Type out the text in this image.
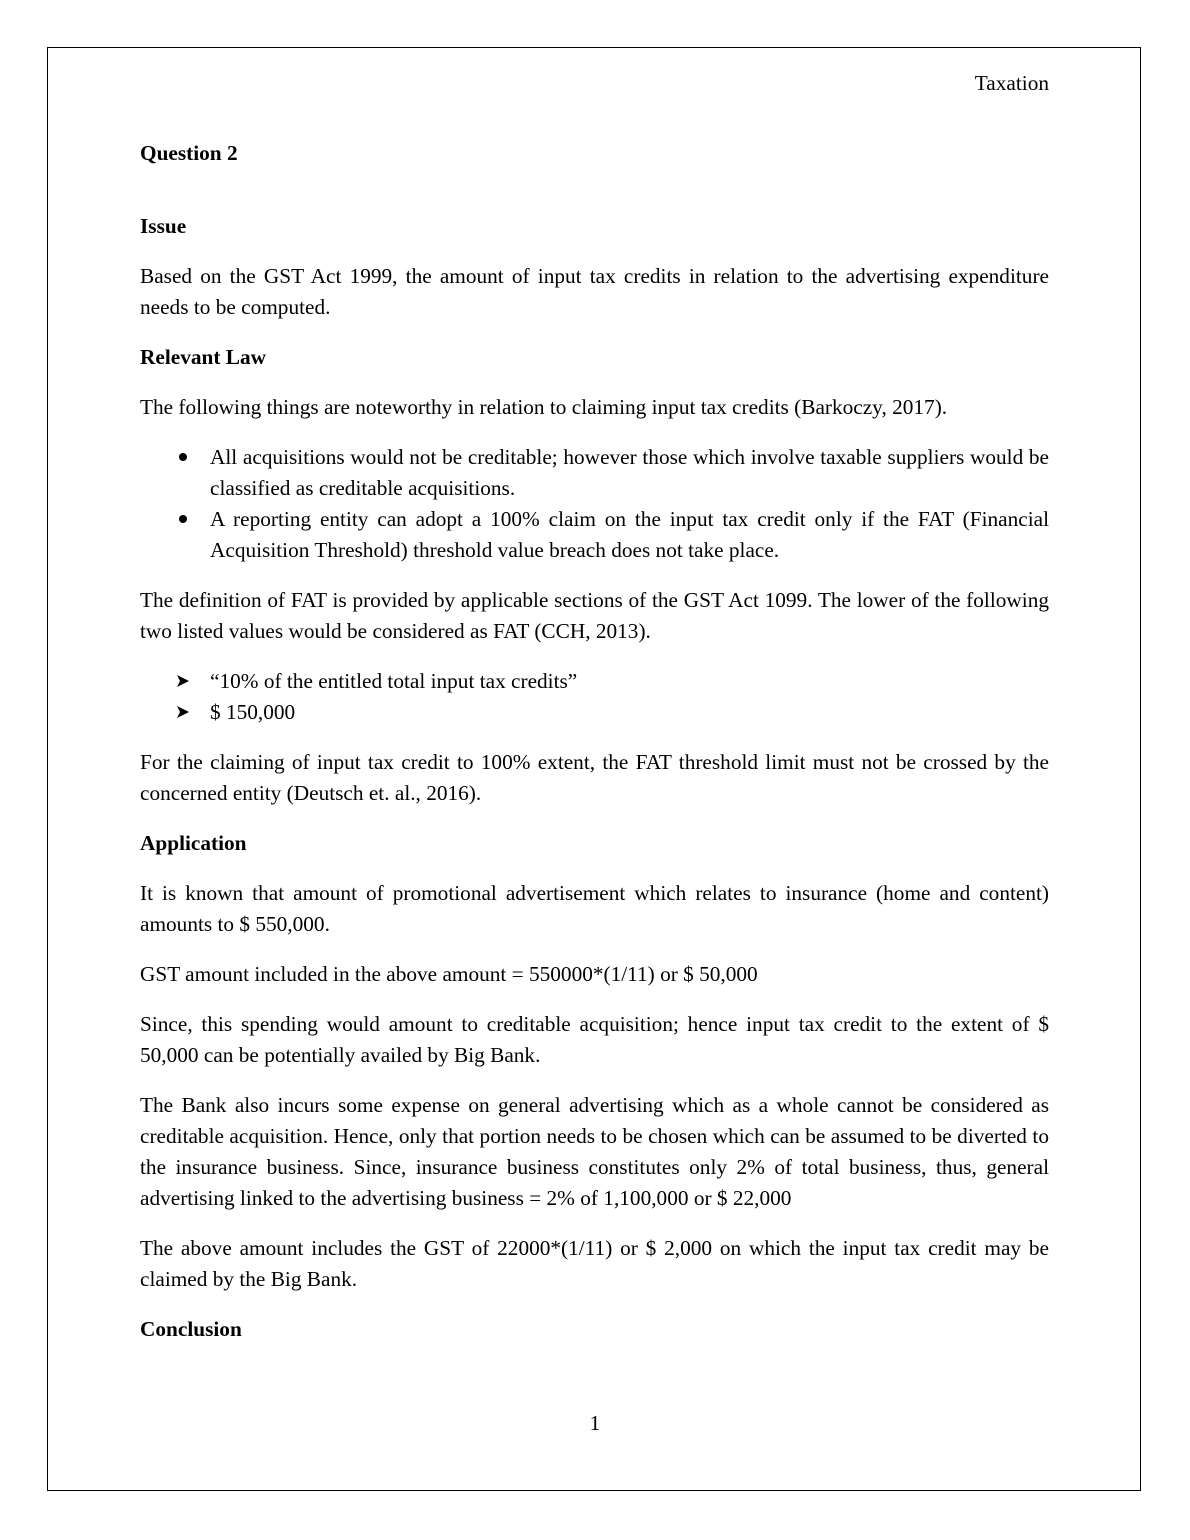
Taxation
Question 2
Issue

Based on the GST Act 1999, the amount of input tax credits in relation to the advertising expenditure needs to be computed.

Relevant Law

The following things are noteworthy in relation to claiming input tax credits (Barkoczy, 2017).

All acquisitions would not be creditable; however those which involve taxable suppliers would be classified as creditable acquisitions.
A reporting entity can adopt a 100% claim on the input tax credit only if the FAT (Financial Acquisition Threshold) threshold value breach does not take place.

The definition of FAT is provided by applicable sections of the GST Act 1099. The lower of the following two listed values would be considered as FAT (CCH, 2013).

“10% of the entitled total input tax credits”
$ 150,000

For the claiming of input tax credit to 100% extent, the FAT threshold limit must not be crossed by the concerned entity (Deutsch et. al., 2016).

Application

It is known that amount of promotional advertisement which relates to insurance (home and content) amounts to $ 550,000.

GST amount included in the above amount = 550000*(1/11) or $ 50,000

Since, this spending would amount to creditable acquisition; hence input tax credit to the extent of $ 50,000 can be potentially availed by Big Bank.

The Bank also incurs some expense on general advertising which as a whole cannot be considered as creditable acquisition. Hence, only that portion needs to be chosen which can be assumed to be diverted to the insurance business. Since, insurance business constitutes only 2% of total business, thus, general advertising linked to the advertising business = 2% of 1,100,000 or $ 22,000

The above amount includes the GST of 22000*(1/11) or $ 2,000 on which the input tax credit may be claimed by the Big Bank.

Conclusion
1
